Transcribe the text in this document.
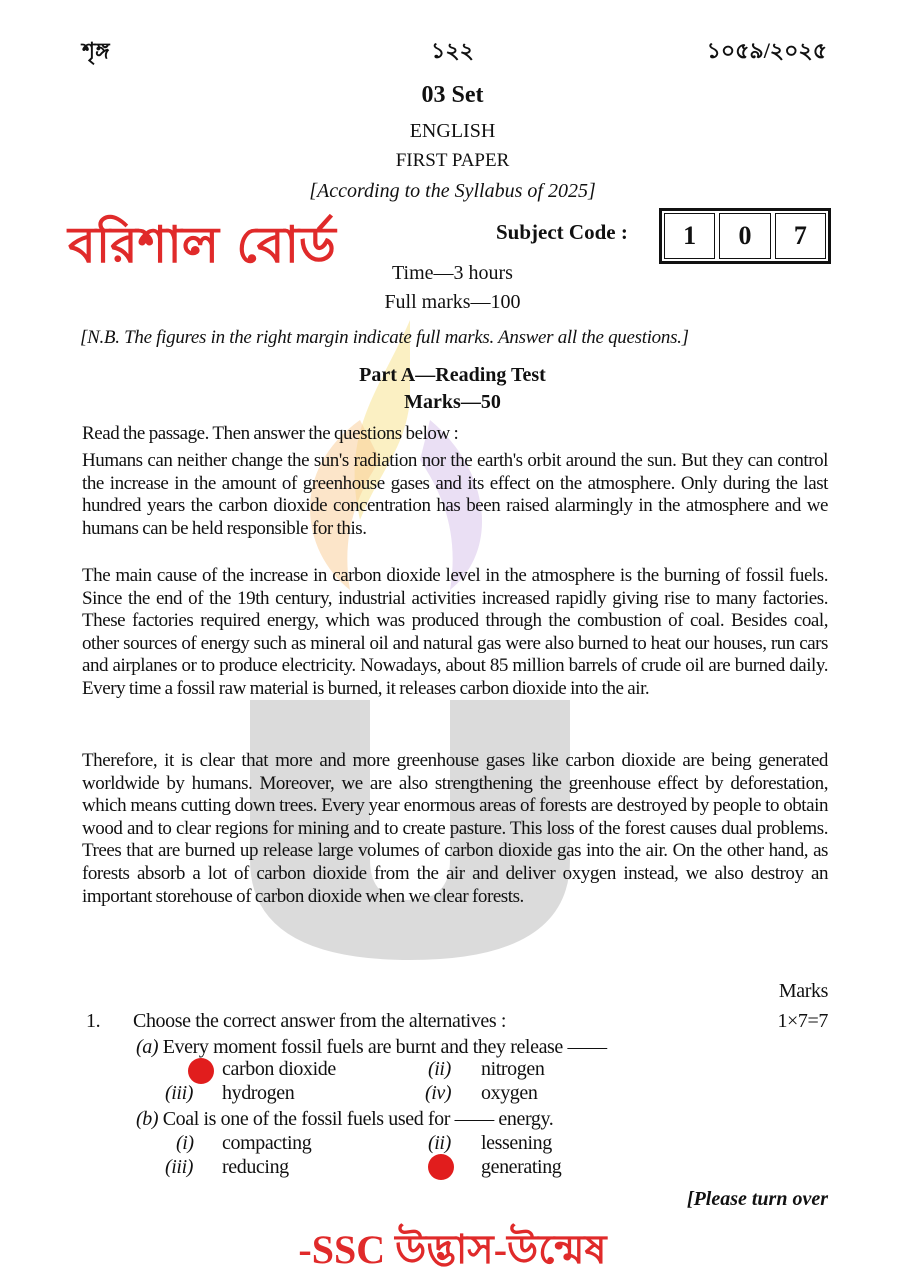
শৃঙ্গ	১২২	১০৫৯/২০২৫
03 Set
ENGLISH
FIRST PAPER
[According to the Syllabus of 2025]
বরিশাল বোর্ড	Subject Code :	1	0	7
Time—3 hours
Full marks—100
[N.B. The figures in the right margin indicate full marks. Answer all the questions.]
Part A—Reading Test
Marks—50
Read the passage. Then answer the questions below :
Humans can neither change the sun's radiation nor the earth's orbit around the sun. But they can control the increase in the amount of greenhouse gases and its effect on the atmosphere. Only during the last hundred years the carbon dioxide concentration has been raised alarmingly in the atmosphere and we humans can be held responsible for this.
The main cause of the increase in carbon dioxide level in the atmosphere is the burning of fossil fuels. Since the end of the 19th century, industrial activities increased rapidly giving rise to many factories. These factories required energy, which was produced through the combustion of coal. Besides coal, other sources of energy such as mineral oil and natural gas were also burned to heat our houses, run cars and airplanes or to produce electricity. Nowadays, about 85 million barrels of crude oil are burned daily. Every time a fossil raw material is burned, it releases carbon dioxide into the air.
Therefore, it is clear that more and more greenhouse gases like carbon dioxide are being generated worldwide by humans. Moreover, we are also strengthening the greenhouse effect by deforestation, which means cutting down trees. Every year enormous areas of forests are destroyed by people to obtain wood and to clear regions for mining and to create pasture. This loss of the forest causes dual problems. Trees that are burned up release large volumes of carbon dioxide gas into the air. On the other hand, as forests absorb a lot of carbon dioxide from the air and deliver oxygen instead, we also destroy an important storehouse of carbon dioxide when we clear forests.
Marks
1. Choose the correct answer from the alternatives :	1×7=7
(a) Every moment fossil fuels are burnt and they release ——
carbon dioxide	(ii) nitrogen
(iii) hydrogen	(iv) oxygen
(b) Coal is one of the fossil fuels used for —— energy.
(i) compacting	(ii) lessening
(iii) reducing	generating
[Please turn over
-SSC উদ্ভাস-উন্মেষ
